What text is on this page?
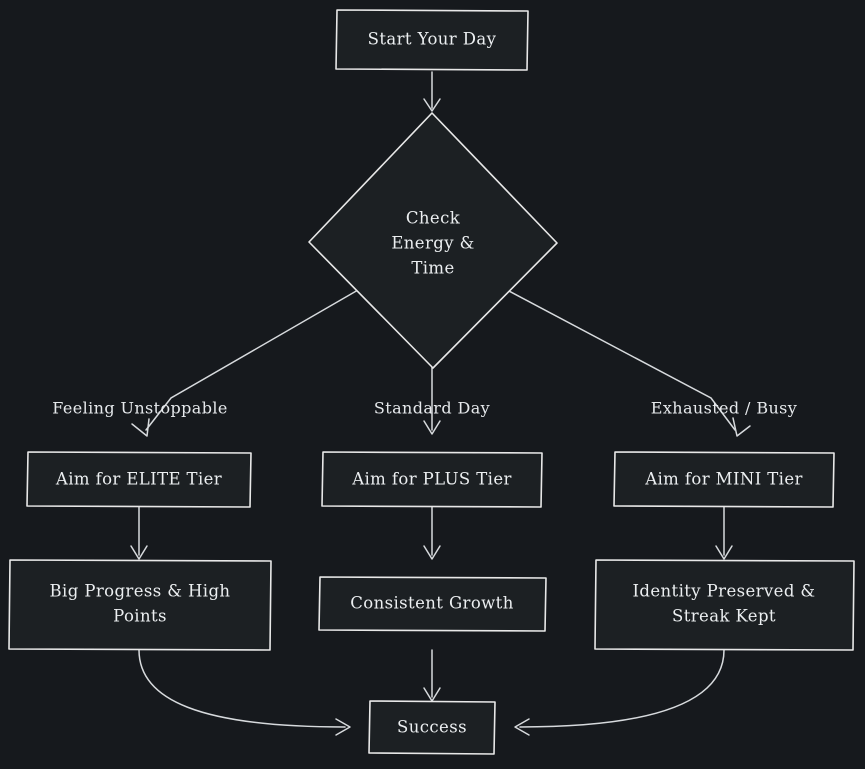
Feeling Unstoppable	Standard Day	Exhausted / Busy
Start Your Day
Check
Energy &
Time
Aim for ELITE Tier	Aim for PLUS Tier	Aim for MINI Tier
Big Progress & High
Points
Consistent Growth
Identity Preserved &
Streak Kept
Success
